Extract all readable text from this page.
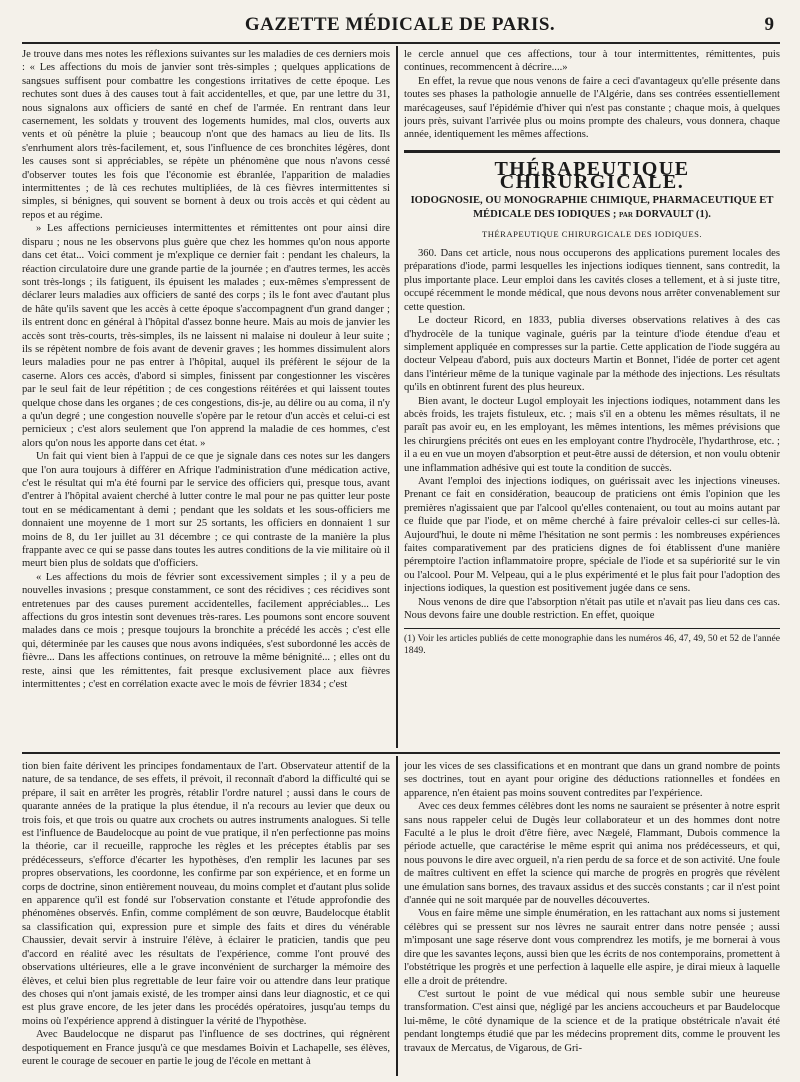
GAZETTE MÉDICALE DE PARIS.	9

Je trouve dans mes notes les réflexions suivantes sur les maladies de ces derniers mois : « Les affections du mois de janvier sont très-simples ; quelques applications de sangsues suffisent pour combattre les congestions irritatives de cette époque. Les rechutes sont dues à des causes tout à fait accidentelles, et que, par une lettre du 31, nous signalons aux officiers de santé en chef de l'armée. En rentrant dans leur casernement, les soldats y trouvent des logements humides, mal clos, ouverts aux vents et où pénètre la pluie ; beaucoup n'ont que des hamacs au lieu de lits. Ils s'enrhument alors très-facilement, et, sous l'influence de ces bronchites légères, dont les causes sont si appréciables, se répète un phénomène que nous n'avons cessé d'observer toutes les fois que l'économie est ébranlée, l'apparition de maladies intermittentes ; de là ces rechutes multipliées, de là ces fièvres intermittentes si simples, si bénignes, qui souvent se bornent à deux ou trois accès et qui cèdent au repos et au régime.

» Les affections pernicieuses intermittentes et rémittentes ont pour ainsi dire disparu ; nous ne les observons plus guère que chez les hommes qu'on nous apporte dans cet état... Voici comment je m'explique ce dernier fait : pendant les chaleurs, la réaction circulatoire dure une grande partie de la journée ; en d'autres termes, les accès sont très-longs ; ils fatiguent, ils épuisent les malades ; eux-mêmes s'empressent de déclarer leurs maladies aux officiers de santé des corps ; ils le font avec d'autant plus de hâte qu'ils savent que les accès à cette époque s'accompagnent d'un grand danger ; ils entrent donc en général à l'hôpital d'assez bonne heure. Mais au mois de janvier les accès sont très-courts, très-simples, ils ne laissent ni malaise ni douleur à leur suite ; ils se répètent nombre de fois avant de devenir graves ; les hommes dissimulent alors leurs maladies pour ne pas entrer à l'hôpital, auquel ils préfèrent le séjour de la caserne. Alors ces accès, d'abord si simples, finissent par congestionner les viscères par le seul fait de leur répétition ; de ces congestions réitérées et qui laissent toutes quelque chose dans les organes ; de ces congestions, dis-je, au délire ou au coma, il n'y a qu'un degré ; une congestion nouvelle s'opère par le retour d'un accès et celui-ci est pernicieux ; c'est alors seulement que l'on apprend la maladie de ces hommes, c'est alors qu'on nous les apporte dans cet état. »

Un fait qui vient bien à l'appui de ce que je signale dans ces notes sur les dangers que l'on aura toujours à différer en Afrique l'administration d'une médication active, c'est le résultat qui m'a été fourni par le service des officiers qui, presque tous, avant d'entrer à l'hôpital avaient cherché à lutter contre le mal pour ne pas quitter leur poste tout en se médicamentant à demi ; pendant que les soldats et les sous-officiers me donnaient une moyenne de 1 mort sur 25 sortants, les officiers en donnaient 1 sur moins de 8, du 1er juillet au 31 décembre ; ce qui contraste de la manière la plus frappante avec ce qui se passe dans toutes les autres conditions de la vie militaire où il meurt bien plus de soldats que d'officiers.

« Les affections du mois de février sont excessivement simples ; il y a peu de nouvelles invasions ; presque constamment, ce sont des récidives ; ces récidives sont entretenues par des causes purement accidentelles, facilement appréciables... Les affections du gros intestin sont devenues très-rares. Les poumons sont encore souvent malades dans ce mois ; presque toujours la bronchite a précédé les accès ; c'est elle qui, déterminée par les causes que nous avons indiquées, s'est subordonné les accès de fièvre... Dans les affections continues, on retrouve la même bénignité... ; elles ont du reste, ainsi que les rémittentes, fait presque exclusivement place aux fièvres intermittentes ; c'est en corrélation exacte avec le mois de février 1834 ; c'est

le cercle annuel que ces affections, tour à tour intermittentes, rémittentes, puis continues, recommencent à décrire....»

En effet, la revue que nous venons de faire a ceci d'avantageux qu'elle présente dans toutes ses phases la pathologie annuelle de l'Algérie, dans ses contrées essentiellement marécageuses, sauf l'épidémie d'hiver qui n'est pas constante ; chaque mois, à quelques jours près, suivant l'arrivée plus ou moins prompte des chaleurs, vous donnera, chaque année, identiquement les mêmes affections.

THÉRAPEUTIQUE CHIRURGICALE.
IODOGNOSIE, OU MONOGRAPHIE CHIMIQUE, PHARMACEUTIQUE ET MÉDICALE DES IODIQUES ; par DORVAULT (1).
THÉRAPEUTIQUE CHIRURGICALE DES IODIQUES.

360. Dans cet article, nous nous occuperons des applications purement locales des préparations d'iode, parmi lesquelles les injections iodiques tiennent, sans contredit, la plus importante place. Leur emploi dans les cavités closes a tellement, et à si juste titre, occupé récemment le monde médical, que nous devons nous arrêter convenablement sur cette question.

Le docteur Ricord, en 1833, publia diverses observations relatives à des cas d'hydrocèle de la tunique vaginale, guéris par la teinture d'iode étendue d'eau et simplement appliquée en compresses sur la partie. Cette application de l'iode suggéra au docteur Velpeau d'abord, puis aux docteurs Martin et Bonnet, l'idée de porter cet agent dans l'intérieur même de la tunique vaginale par la méthode des injections. Les résultats qu'ils en obtinrent furent des plus heureux.

Bien avant, le docteur Lugol employait les injections iodiques, notamment dans les abcès froids, les trajets fistuleux, etc. ; mais s'il en a obtenu les mêmes résultats, il ne paraît pas avoir eu, en les employant, les mêmes intentions, les mêmes prévisions que les chirurgiens précités ont eues en les employant contre l'hydrocèle, l'hydarthrose, etc. ; il a eu en vue un moyen d'absorption et peut-être aussi de détersion, et non voulu obtenir une inflammation adhésive qui est toute la condition de succès.

Avant l'emploi des injections iodiques, on guérissait avec les injections vineuses. Prenant ce fait en considération, beaucoup de praticiens ont émis l'opinion que les premières n'agissaient que par l'alcool qu'elles contenaient, ou tout au moins autant par ce fluide que par l'iode, et on même cherché à faire prévaloir celles-ci sur celles-là. Aujourd'hui, le doute ni même l'hésitation ne sont permis : les nombreuses expériences faites comparativement par des praticiens dignes de foi établissent d'une manière péremptoire l'action inflammatoire propre, spéciale de l'iode et sa supériorité sur le vin ou l'alcool. Pour M. Velpeau, qui a le plus expérimenté et le plus fait pour l'adoption des injections iodiques, la question est positivement jugée dans ce sens.

Nous venons de dire que l'absorption n'était pas utile et n'avait pas lieu dans ces cas. Nous devons faire une double restriction. En effet, quoique

(1) Voir les articles publiés de cette monographie dans les numéros 46, 47, 49, 50 et 52 de l'année 1849.

tion bien faite dérivent les principes fondamentaux de l'art. Observateur attentif de la nature, de sa tendance, de ses effets, il prévoit, il reconnaît d'abord la difficulté qui se prépare, il sait en arrêter les progrès, rétablir l'ordre naturel ; aussi dans le cours de quarante années de la pratique la plus étendue, il n'a recours au levier que deux ou trois fois, et que trois ou quatre aux crochets ou autres instruments analogues. Si telle est l'influence de Baudelocque au point de vue pratique, il n'en perfectionne pas moins la théorie, car il recueille, rapproche les règles et les préceptes établis par ses prédécesseurs, s'efforce d'écarter les hypothèses, d'en remplir les lacunes par ses propres observations, les coordonne, les confirme par son expérience, et en forme un corps de doctrine, sinon entièrement nouveau, du moins complet et d'autant plus solide en apparence qu'il est fondé sur l'observation constante et l'étude approfondie des phénomènes observés. Enfin, comme complément de son œuvre, Baudelocque établit sa classification qui, expression pure et simple des faits et dires du vénérable Chaussier, devait servir à instruire l'élève, à éclairer le praticien, tandis que peu d'accord en réalité avec les résultats de l'expérience, comme l'ont prouvé des observations ultérieures, elle a le grave inconvénient de surcharger la mémoire des élèves, et celui bien plus regrettable de leur faire voir ou attendre dans leur pratique des choses qui n'ont jamais existé, de les tromper ainsi dans leur diagnostic, et ce qui est plus grave encore, de les jeter dans les procédés opératoires, jusqu'au temps du moins où l'expérience apprend à distinguer la vérité de l'hypothèse.

Avec Baudelocque ne disparut pas l'influence de ses doctrines, qui régnèrent despotiquement en France jusqu'à ce que mesdames Boivin et Lachapelle, ses élèves, eurent le courage de secouer en partie le joug de l'école en mettant à

jour les vices de ses classifications et en montrant que dans un grand nombre de points ses doctrines, tout en ayant pour origine des déductions rationnelles et fondées en apparence, n'en étaient pas moins souvent contredites par l'expérience.

Avec ces deux femmes célèbres dont les noms ne sauraient se présenter à notre esprit sans nous rappeler celui de Dugès leur collaborateur et un des hommes dont notre Faculté a le plus le droit d'être fière, avec Nægelé, Flammant, Dubois commence la période actuelle, que caractérise le même esprit qui anima nos prédécesseurs, et qui, nous pouvons le dire avec orgueil, n'a rien perdu de sa force et de son activité. Une foule de maîtres cultivent en effet la science qui marche de progrès en progrès que révèlent une émulation sans bornes, des travaux assidus et des succès constants ; car il n'est point d'année qui ne soit marquée par de nouvelles découvertes.

Vous en faire même une simple énumération, en les rattachant aux noms si justement célèbres qui se pressent sur nos lèvres ne saurait entrer dans notre pensée ; aussi m'imposant une sage réserve dont vous comprendrez les motifs, je me bornerai à vous dire que les savantes leçons, aussi bien que les écrits de nos contemporains, promettent à l'obstétrique les progrès et une perfection à laquelle elle aspire, je dirai mieux à laquelle elle a droit de prétendre.

C'est surtout le point de vue médical qui nous semble subir une heureuse transformation. C'est ainsi que, négligé par les anciens accoucheurs et par Baudelocque lui-même, le côté dynamique de la science et de la pratique obstétricale n'avait été pendant longtemps étudié que par les médecins proprement dits, comme le prouvent les travaux de Mercatus, de Vigarous, de Gri-
